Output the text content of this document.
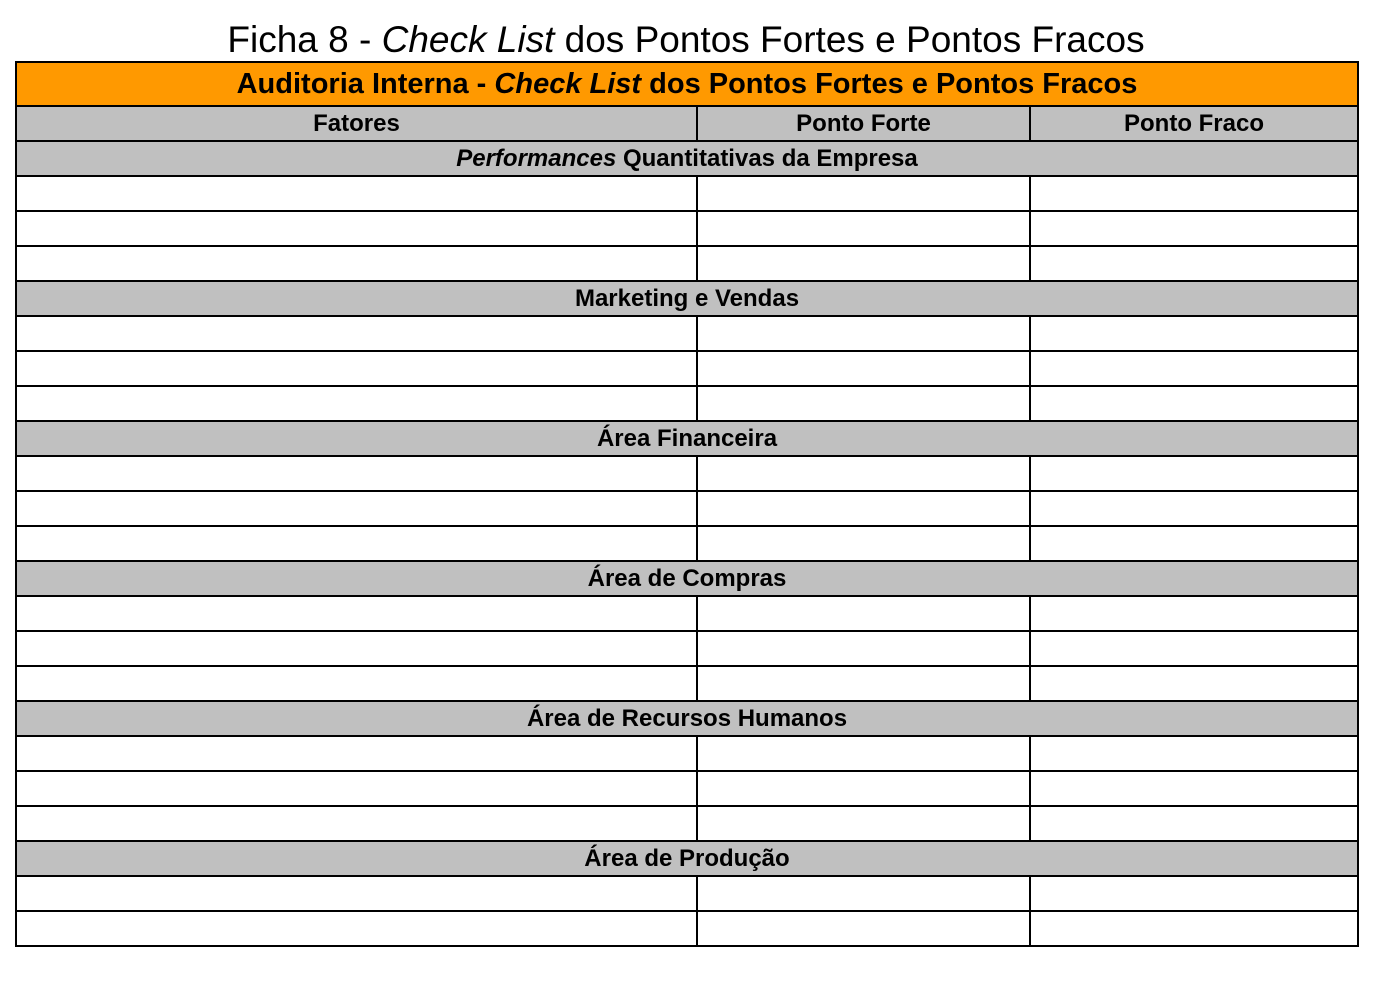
Ficha 8 - Check List dos Pontos Fortes e Pontos Fracos
Auditoria Interna - Check List dos Pontos Fortes e Pontos Fracos		
Fatores	Ponto Forte	Ponto Fraco
Performances Quantitativas da Empresa		

Marketing e Vendas		

Área Financeira		

Área de Compras		

Área de Recursos Humanos		

Área de Produção		
